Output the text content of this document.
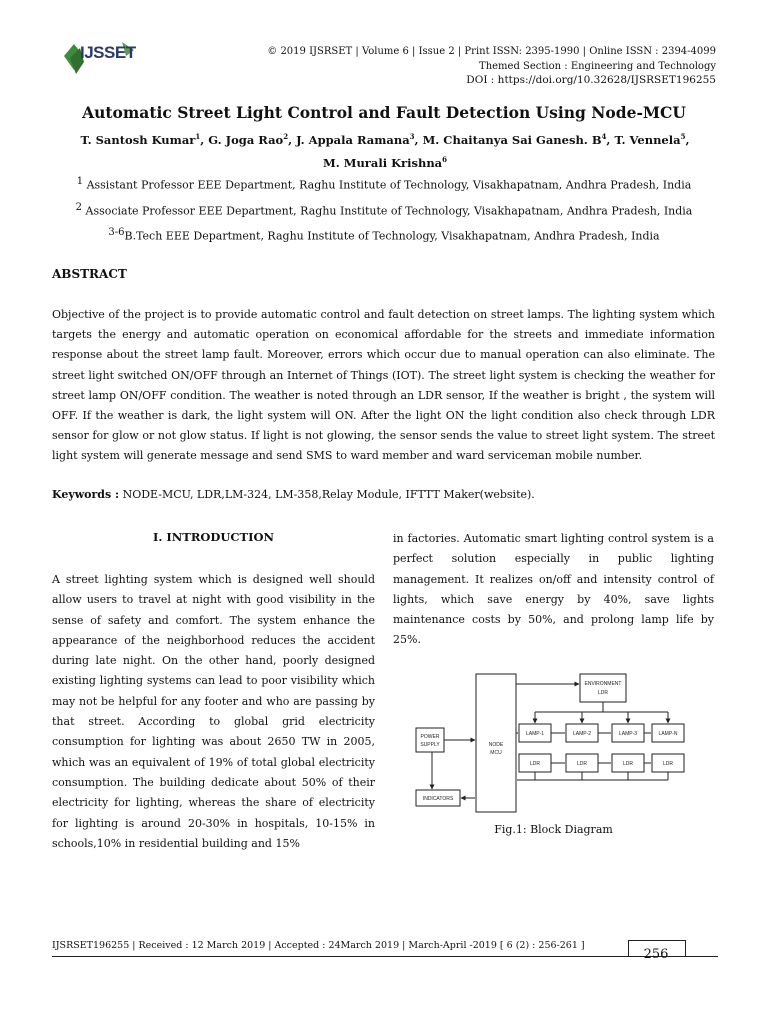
IJSSET	© 2019 IJSRSET | Volume 6 | Issue 2 | Print ISSN: 2395-1990 | Online ISSN : 2394-4099
Themed Section : Engineering and Technology
DOI : https://doi.org/10.32628/IJSRSET196255
Automatic Street Light Control and Fault Detection Using Node-MCU
T. Santosh Kumar$^1$, G. Joga Rao$^2$, J. Appala Ramana$^3$, M. Chaitanya Sai Ganesh. $B^4$, T. Vennela$^5$,
M. Murali Krishna$^6$
$^1$ Assistant Professor EEE Department, Raghu Institute of Technology, Visakhapatnam, Andhra Pradesh, India
$^2$ Associate Professor EEE Department, Raghu Institute of Technology, Visakhapatnam, Andhra Pradesh, India
$^{3-6}$B.Tech EEE Department, Raghu Institute of Technology, Visakhapatnam, Andhra Pradesh, India
ABSTRACT
Objective of the project is to provide automatic control and fault detection on street lamps. The lighting system which targets the energy and automatic operation on economical affordable for the streets and immediate information response about the street lamp fault. Moreover, errors which occur due to manual operation can also eliminate. The street light switched ON/OFF through an Internet of Things (IOT). The street light system is checking the weather for street lamp ON/OFF condition. The weather is noted through an LDR sensor, If the weather is bright , the system will OFF. If the weather is dark, the light system will ON. After the light ON the light condition also check through LDR sensor for glow or not glow status. If light is not glowing, the sensor sends the value to street light system. The street light system will generate message and send SMS to ward member and ward serviceman mobile number.
Keywords : NODE-MCU, LDR,LM-324, LM-358,Relay Module, IFTTT Maker(website).
I. INTRODUCTION
A street lighting system which is designed well should allow users to travel at night with good visibility in the sense of safety and comfort. The system enhance the appearance of the neighborhood reduces the accident during late night. On the other hand, poorly designed existing lighting systems can lead to poor visibility which may not be helpful for any footer and who are passing by that street. According to global grid electricity consumption for lighting was about 2650 TW in 2005, which was an equivalent of 19% of total global electricity consumption. The building dedicate about 50% of their electricity for lighting, whereas the share of electricity for lighting is around 20-30% in hospitals, 10-15% in schools,10% in residential building and 15%
in factories. Automatic smart lighting control system is a perfect solution especially in public lighting management. It realizes on/off and intensity control of lights, which save energy by 40%, save lights maintenance costs by 50%, and prolong lamp life by 25%.
ENVIRONMENT
LDR
POWER
SUPPLY	NODE
MCU
INDICATORS
LAMP-1	LAMP-2	LAMP-3	LAMP-N
LDR	LDR	LDR	LDR
Fig.1: Block Diagram
IJSRSET196255 | Received : 12 March 2019 | Accepted : 24March 2019 | March-April -2019 [ 6 (2) : 256-261 ]
256
